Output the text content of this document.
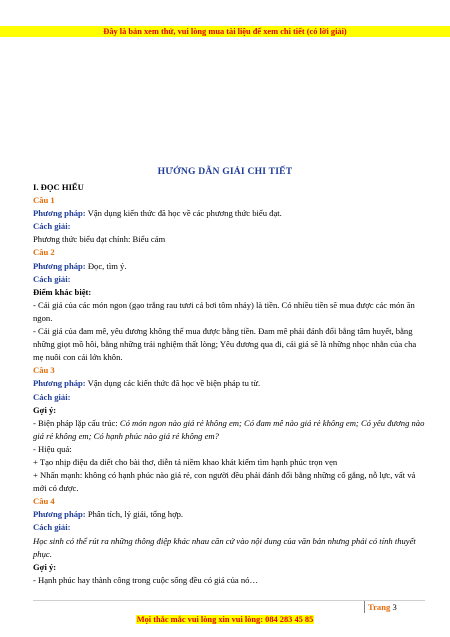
Đây là bản xem thử, vui lòng mua tài liệu để xem chi tiết (có lời giải)
HƯỚNG DẪN GIẢI CHI TIẾT

I. ĐỌC HIỂU

Câu 1

Phương pháp: Vận dụng kiến thức đã học về các phương thức biểu đạt.

Cách giải:

Phương thức biểu đạt chính: Biểu cảm

Câu 2

Phương pháp: Đọc, tìm ý.

Cách giải:

Điểm khác biệt:

- Cái giá của các món ngon (gạo trắng rau tươi cá bơi tôm nhảy) là tiền. Có nhiều tiền sẽ mua được các món ăn ngon.

- Cái giá của đam mê, yêu đương không thể mua được bằng tiền. Đam mê phải đánh đổi bằng tâm huyết, bằng những giọt mồ hôi, bằng những trải nghiệm thất lòng; Yêu đương qua đi, cái giá sẽ là những nhọc nhằn của cha mẹ nuôi con cái lớn khôn.

Câu 3

Phương pháp: Vận dụng các kiến thức đã học về biện pháp tu từ.

Cách giải:

Gợi ý:

- Biện pháp lặp cấu trúc: Có món ngon nào giá rẻ không em; Có đam mê nào giá rẻ không em; Có yêu đương nào giá rẻ không em; Có hạnh phúc nào giá rẻ không em?

- Hiệu quả:

+ Tạo nhịp điệu da diết cho bài thơ, diễn tả niềm khao khát kiếm tìm hạnh phúc trọn vẹn

+ Nhấn mạnh: không có hạnh phúc nào giá rẻ, con người đều phải đánh đổi bằng những cố gắng, nỗ lực, vất vả mới có được.

Câu 4

Phương pháp: Phân tích, lý giải, tổng hợp.

Cách giải:

Học sinh có thể rút ra những thông điệp khác nhau căn cứ vào nội dung của văn bản nhưng phải có tính thuyết phục.

Gợi ý:

- Hạnh phúc hay thành công trong cuộc sống đều có giá của nó…

Trang 3
Mọi thắc mắc vui lòng xin vui lòng: 084 283 45 85
